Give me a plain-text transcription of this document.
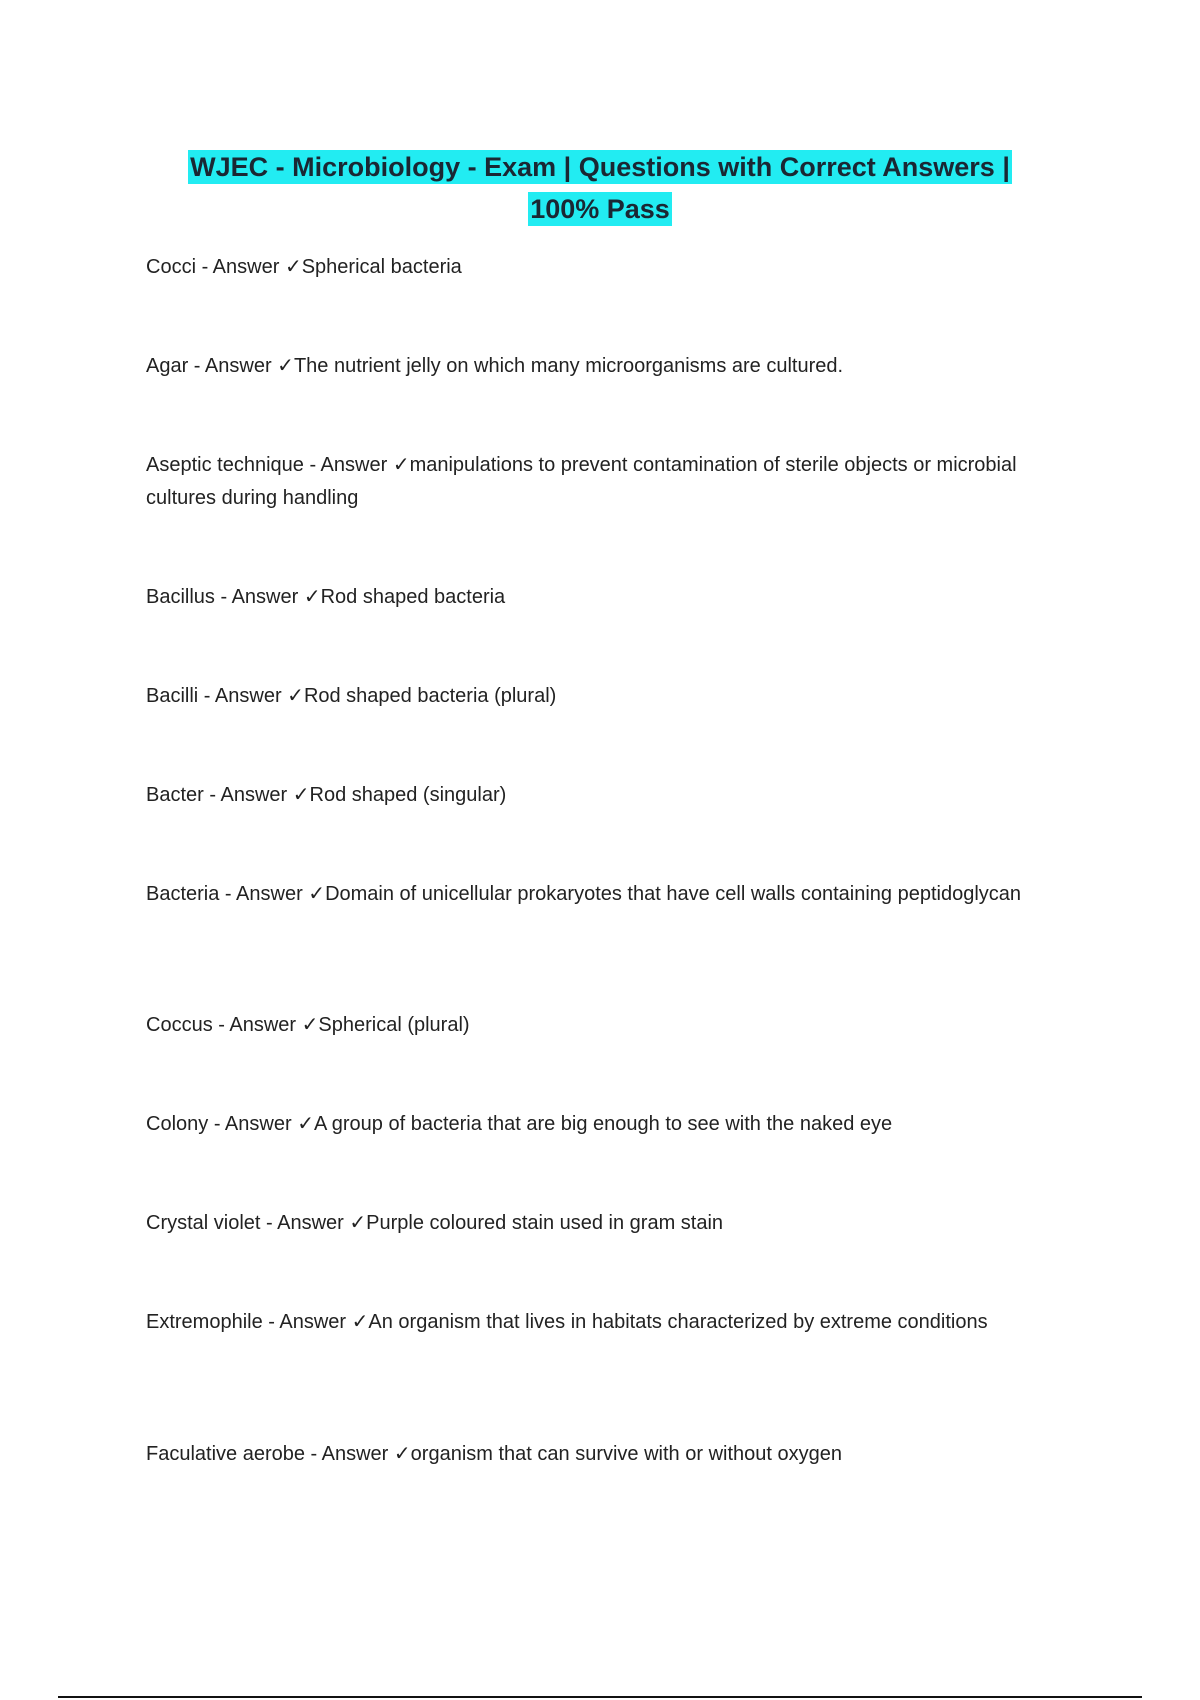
WJEC - Microbiology - Exam | Questions with Correct Answers |
100% Pass
Cocci - Answer ✓Spherical bacteria
Agar - Answer ✓The nutrient jelly on which many microorganisms are cultured.
Aseptic technique - Answer ✓manipulations to prevent contamination of sterile objects or microbial cultures during handling
Bacillus - Answer ✓Rod shaped bacteria
Bacilli - Answer ✓Rod shaped bacteria (plural)
Bacter - Answer ✓Rod shaped (singular)
Bacteria - Answer ✓Domain of unicellular prokaryotes that have cell walls containing peptidoglycan
Coccus - Answer ✓Spherical (plural)
Colony - Answer ✓A group of bacteria that are big enough to see with the naked eye
Crystal violet - Answer ✓Purple coloured stain used in gram stain
Extremophile - Answer ✓An organism that lives in habitats characterized by extreme conditions
Faculative aerobe - Answer ✓organism that can survive with or without oxygen
